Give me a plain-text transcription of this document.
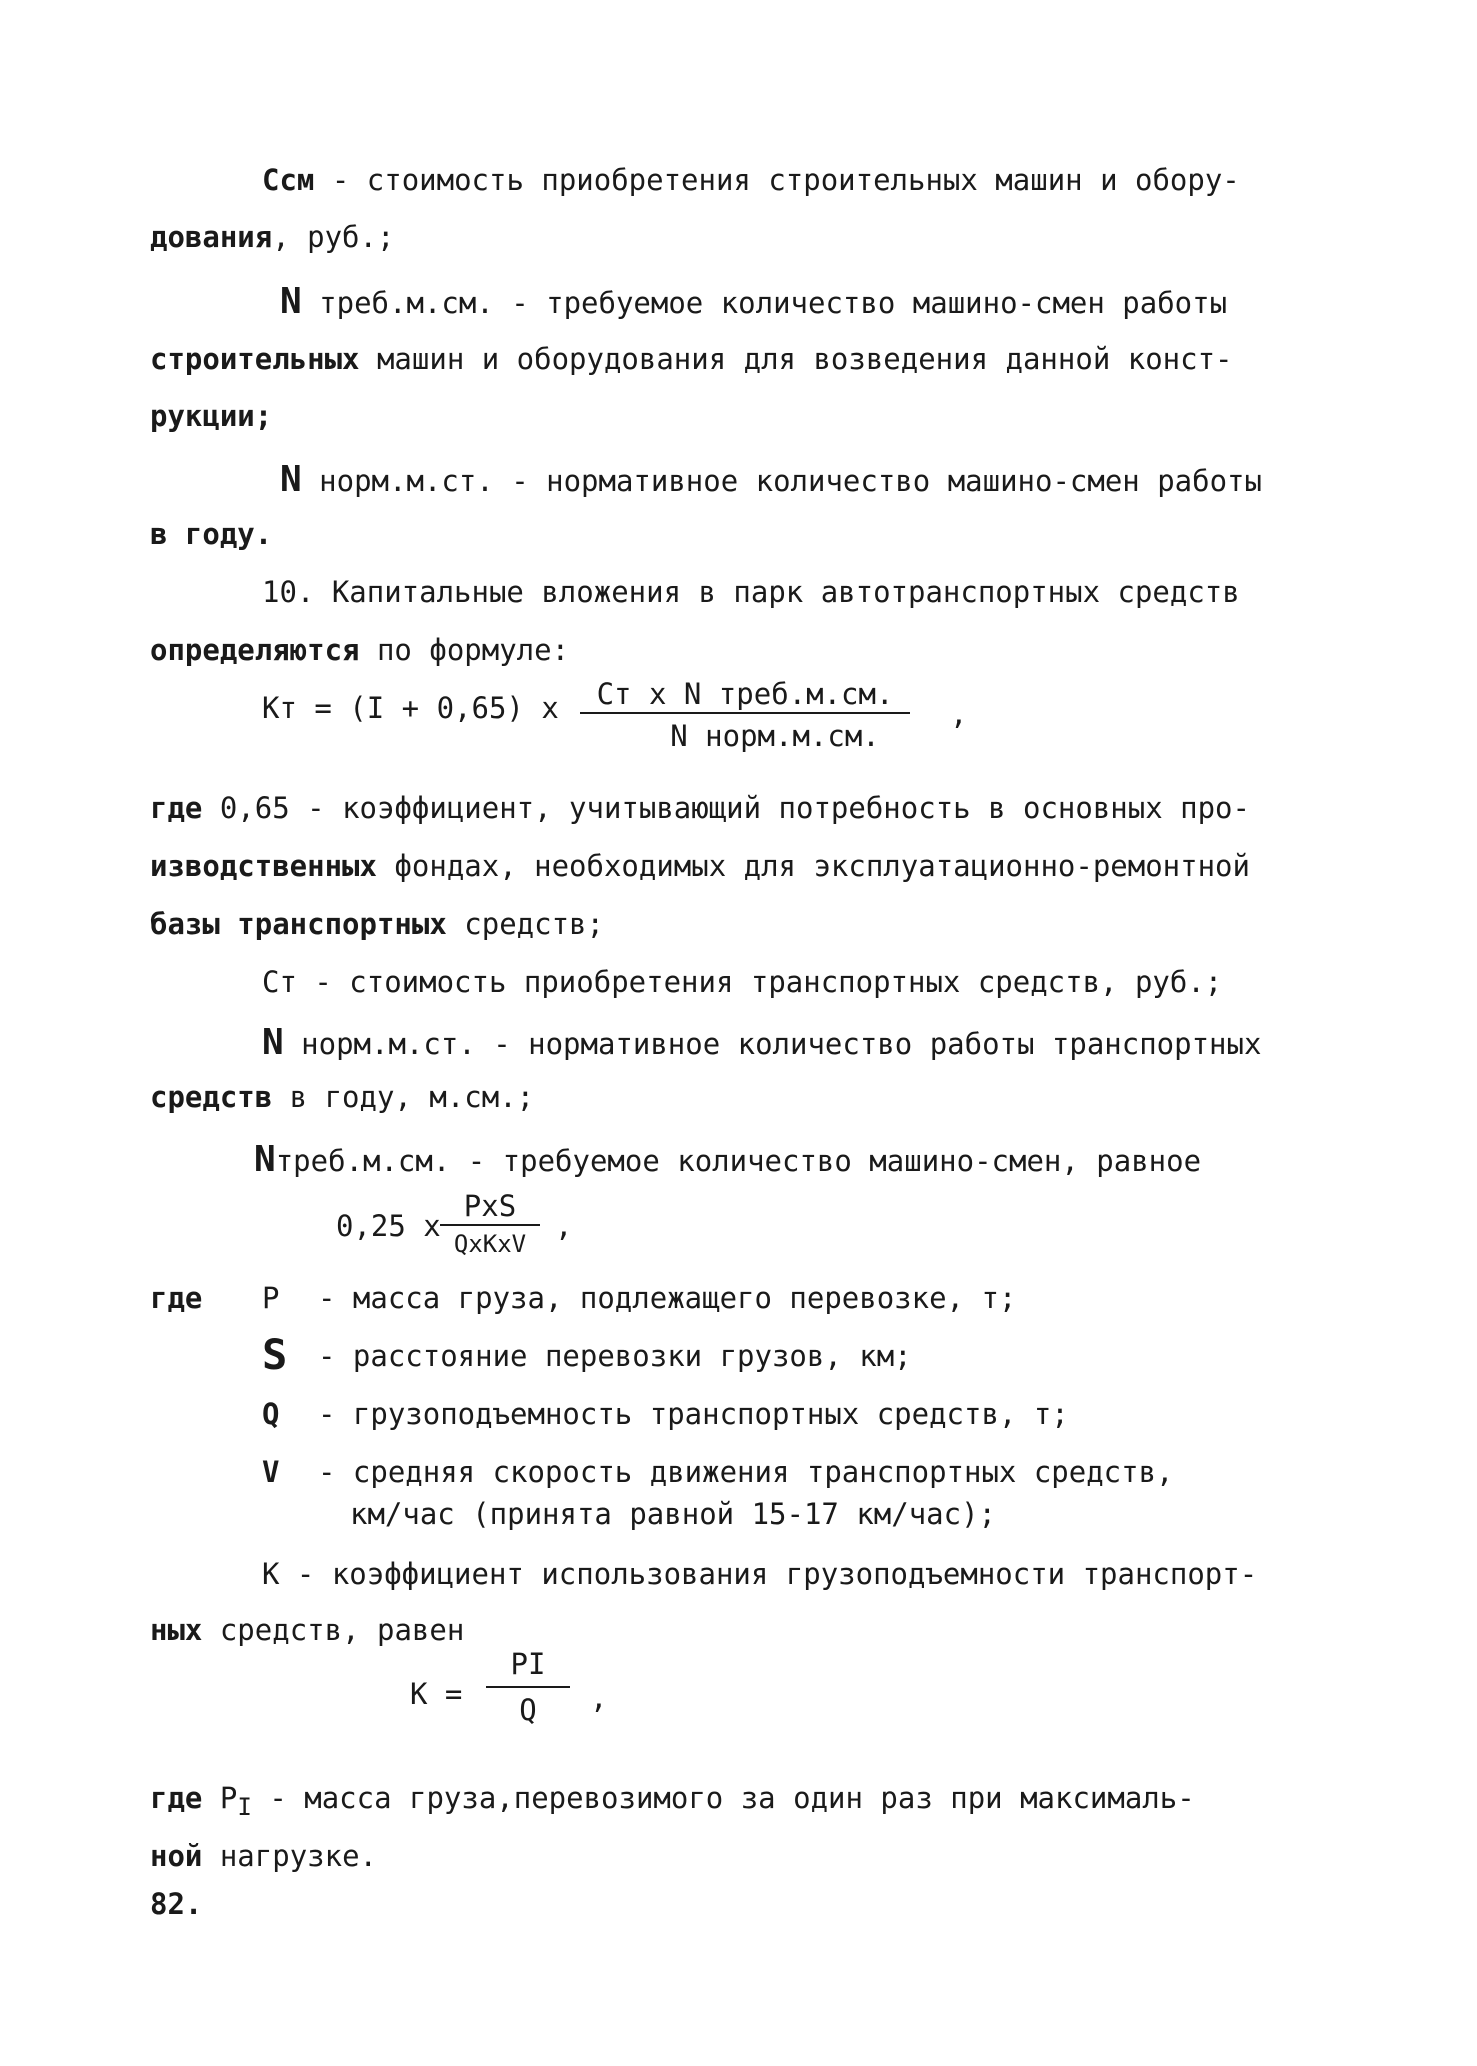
Ссм - стоимость приобретения строительных машин и обору-
дования, руб.;
N треб.м.см. - требуемое количество машино-смен работы
строительных машин и оборудования для возведения данной конст-
рукции;
N норм.м.ст. - нормативное количество машино-смен работы
в году.
10. Капитальные вложения в парк автотранспортных средств
определяются по формуле:
Кт = (I + 0,65) x	Ст x N треб.м.см.
N норм.м.см.
,
где 0,65 - коэффициент, учитывающий потребность в основных про-
изводственных фондах, необходимых для эксплуатационно-ремонтной
базы транспортных средств;
Ст - стоимость приобретения транспортных средств, руб.;
N норм.м.ст. - нормативное количество работы транспортных
средств в году, м.см.;
Nтреб.м.см. - требуемое количество машино-смен, равное
0,25 x
PxS
QxKxV
,
где P - масса груза, подлежащего перевозке, т;
S - расстояние перевозки грузов, км;
Q - грузоподъемность транспортных средств, т;
V - средняя скорость движения транспортных средств,
км/час (принята равной 15-17 км/час);
К - коэффициент использования грузоподъемности транспорт-
ных средств, равен
К =
PI
Q	,
где $P_I$ - масса груза,перевозимого за один раз при максималь-
ной нагрузке.
82.
